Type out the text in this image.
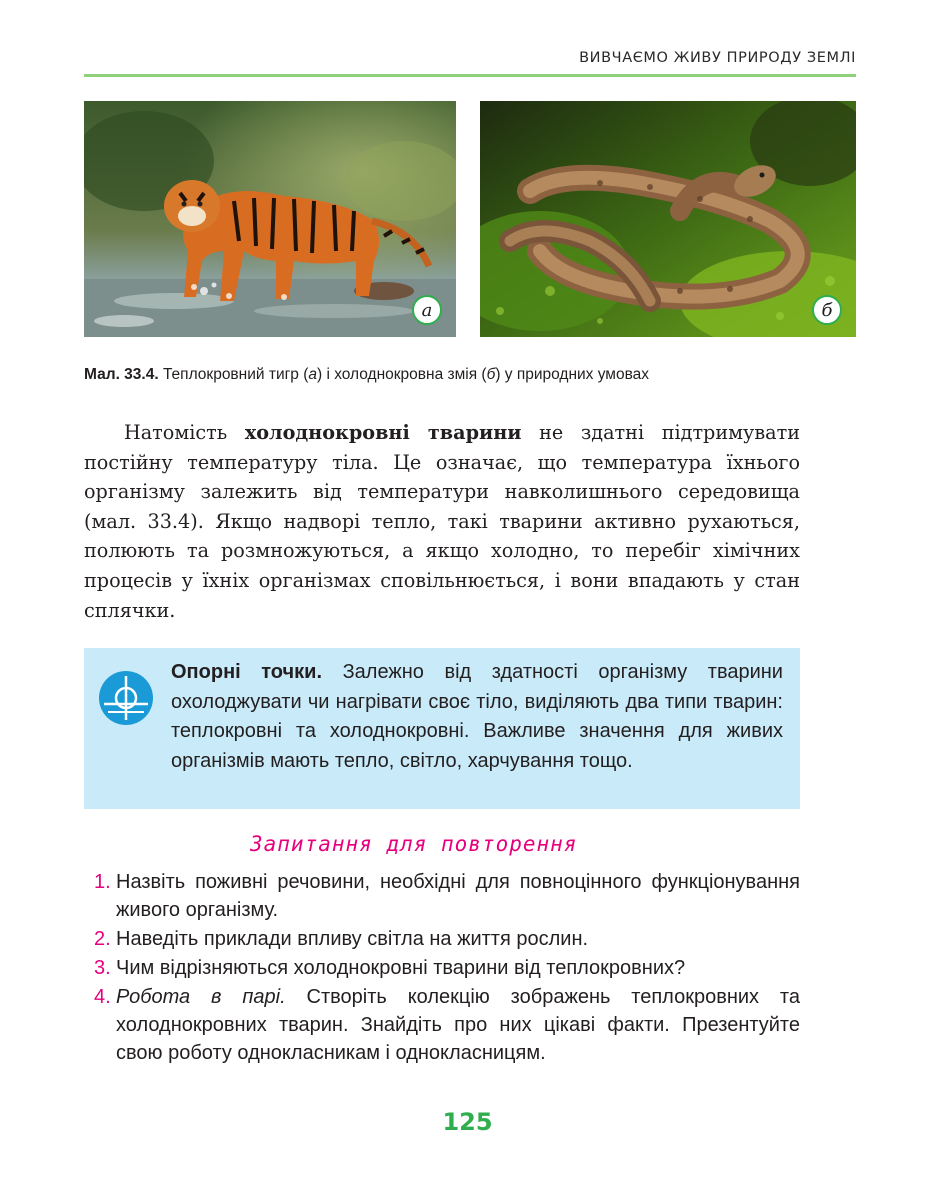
ВИВЧАЄМО ЖИВУ ПРИРОДУ ЗЕМЛІ
а	б
Мал. 33.4. Теплокровний тигр (а) і холоднокровна змія (б) у природних умовах

Натомість холоднокровні тварини не здатні підтримувати постійну температуру тіла. Це означає, що температура їхнього організму залежить від температури навколишнього середовища (мал. 33.4). Якщо надворі тепло, такі тварини активно рухаються, полюють та розмножуються, а якщо холодно, то перебіг хімічних процесів у їхніх організмах сповільнюється, і вони впадають у стан сплячки.

Опорні точки. Залежно від здатності організму тварини охолоджувати чи нагрівати своє тіло, виділяють два типи тварин: теплокровні та холоднокровні. Важливе значення для живих організмів мають тепло, світло, харчування тощо.
Запитання для повторення
1. Назвіть поживні речовини, необхідні для повноцінного функціонування живого організму.
2. Наведіть приклади впливу світла на життя рослин.
3. Чим відрізняються холоднокровні тварини від теплокровних?
4. Робота в парі. Створіть колекцію зображень теплокровних та холоднокровних тварин. Знайдіть про них цікаві факти. Презентуйте свою роботу однокласникам і однокласницям.
125
